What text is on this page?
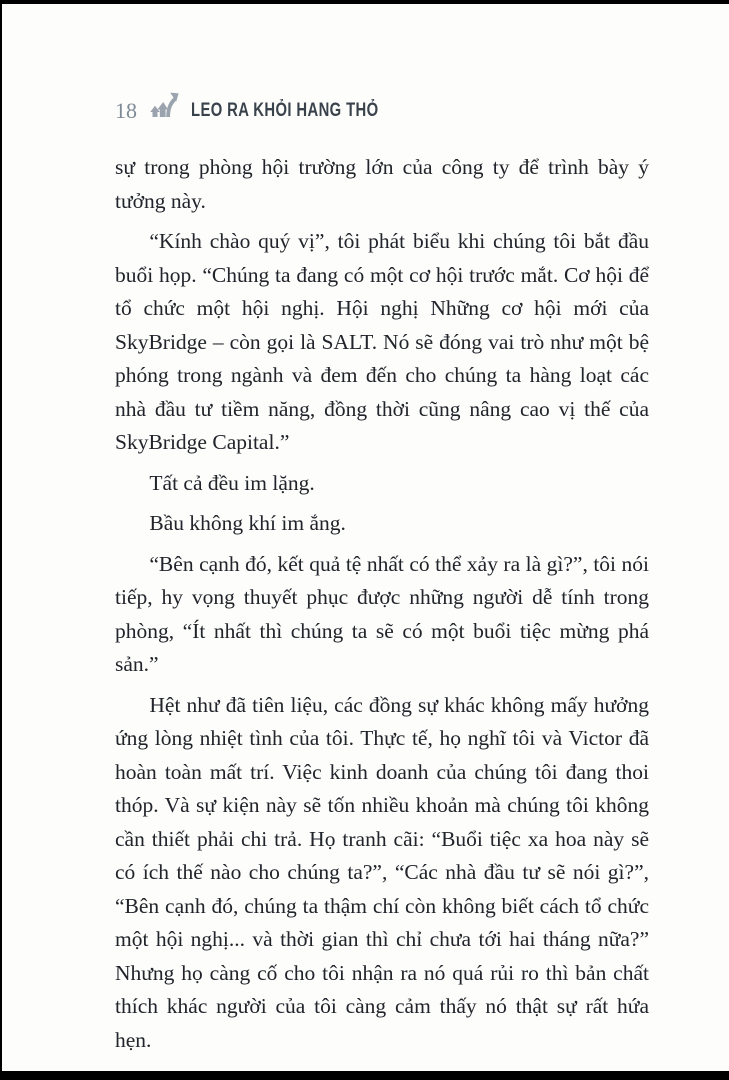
18	LEO RA KHỎI HANG THỎ

sự trong phòng hội trường lớn của công ty để trình bày ý tưởng này.

“Kính chào quý vị”, tôi phát biểu khi chúng tôi bắt đầu buổi họp. “Chúng ta đang có một cơ hội trước mắt. Cơ hội để tổ chức một hội nghị. Hội nghị Những cơ hội mới của SkyBridge – còn gọi là SALT. Nó sẽ đóng vai trò như một bệ phóng trong ngành và đem đến cho chúng ta hàng loạt các nhà đầu tư tiềm năng, đồng thời cũng nâng cao vị thế của SkyBridge Capital.”

Tất cả đều im lặng.

Bầu không khí im ắng.

“Bên cạnh đó, kết quả tệ nhất có thể xảy ra là gì?”, tôi nói tiếp, hy vọng thuyết phục được những người dễ tính trong phòng, “Ít nhất thì chúng ta sẽ có một buổi tiệc mừng phá sản.”

Hệt như đã tiên liệu, các đồng sự khác không mấy hưởng ứng lòng nhiệt tình của tôi. Thực tế, họ nghĩ tôi và Victor đã hoàn toàn mất trí. Việc kinh doanh của chúng tôi đang thoi thóp. Và sự kiện này sẽ tốn nhiều khoản mà chúng tôi không cần thiết phải chi trả. Họ tranh cãi: “Buổi tiệc xa hoa này sẽ có ích thế nào cho chúng ta?”, “Các nhà đầu tư sẽ nói gì?”, “Bên cạnh đó, chúng ta thậm chí còn không biết cách tổ chức một hội nghị... và thời gian thì chỉ chưa tới hai tháng nữa?” Nhưng họ càng cố cho tôi nhận ra nó quá rủi ro thì bản chất thích khác người của tôi càng cảm thấy nó thật sự rất hứa hẹn.
